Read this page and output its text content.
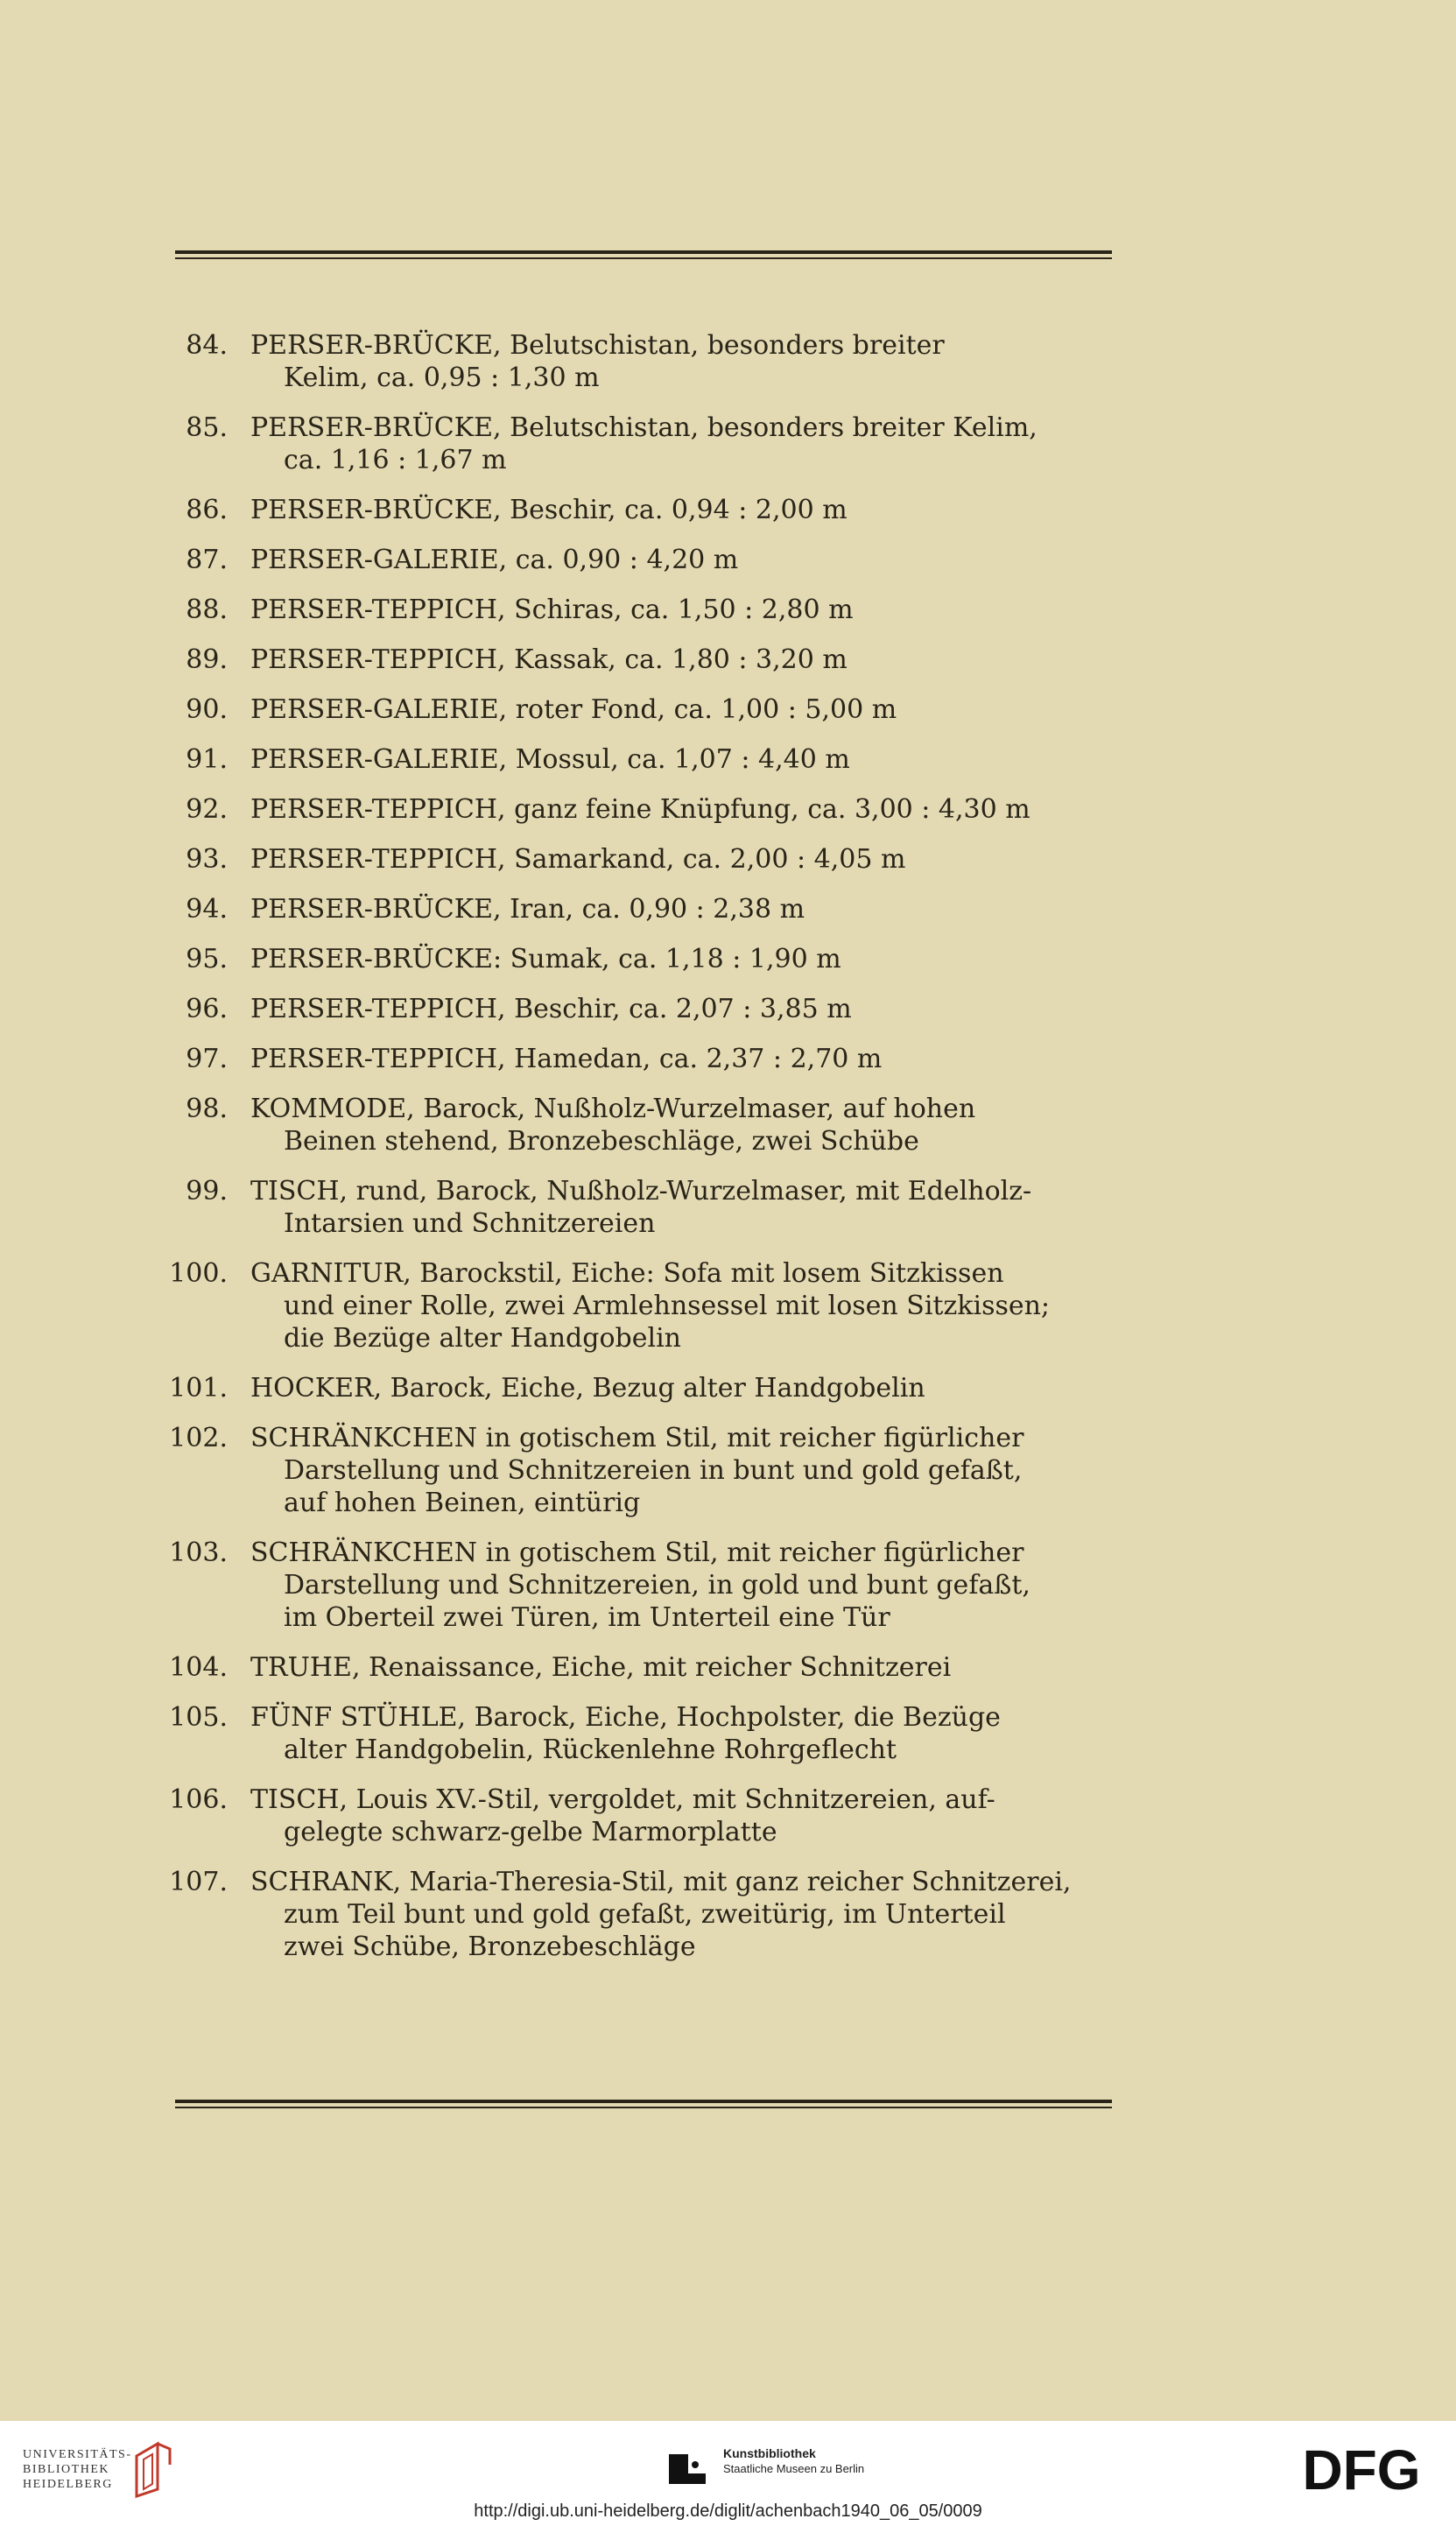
84. PERSER-BRÜCKE, Belutschistan, besonders breiter
Kelim, ca. 0,95 : 1,30 m
85. PERSER-BRÜCKE, Belutschistan, besonders breiter Kelim,
ca. 1,16 : 1,67 m
86. PERSER-BRÜCKE, Beschir, ca. 0,94 : 2,00 m
87. PERSER-GALERIE, ca. 0,90 : 4,20 m
88. PERSER-TEPPICH, Schiras, ca. 1,50 : 2,80 m
89. PERSER-TEPPICH, Kassak, ca. 1,80 : 3,20 m
90. PERSER-GALERIE, roter Fond, ca. 1,00 : 5,00 m
91. PERSER-GALERIE, Mossul, ca. 1,07 : 4,40 m
92. PERSER-TEPPICH, ganz feine Knüpfung, ca. 3,00 : 4,30 m
93. PERSER-TEPPICH, Samarkand, ca. 2,00 : 4,05 m
94. PERSER-BRÜCKE, Iran, ca. 0,90 : 2,38 m
95. PERSER-BRÜCKE: Sumak, ca. 1,18 : 1,90 m
96. PERSER-TEPPICH, Beschir, ca. 2,07 : 3,85 m
97. PERSER-TEPPICH, Hamedan, ca. 2,37 : 2,70 m
98. KOMMODE, Barock, Nußholz-Wurzelmaser, auf hohen
Beinen stehend, Bronzebeschläge, zwei Schübe
99. TISCH, rund, Barock, Nußholz-Wurzelmaser, mit Edelholz-
Intarsien und Schnitzereien
100. GARNITUR, Barockstil, Eiche: Sofa mit losem Sitzkissen
und einer Rolle, zwei Armlehnsessel mit losen Sitzkissen;
die Bezüge alter Handgobelin
101. HOCKER, Barock, Eiche, Bezug alter Handgobelin
102. SCHRÄNKCHEN in gotischem Stil, mit reicher figürlicher
Darstellung und Schnitzereien in bunt und gold gefaßt,
auf hohen Beinen, eintürig
103. SCHRÄNKCHEN in gotischem Stil, mit reicher figürlicher
Darstellung und Schnitzereien, in gold und bunt gefaßt,
im Oberteil zwei Türen, im Unterteil eine Tür
104. TRUHE, Renaissance, Eiche, mit reicher Schnitzerei
105. FÜNF STÜHLE, Barock, Eiche, Hochpolster, die Bezüge
alter Handgobelin, Rückenlehne Rohrgeflecht
106. TISCH, Louis XV.-Stil, vergoldet, mit Schnitzereien, auf-
gelegte schwarz-gelbe Marmorplatte
107. SCHRANK, Maria-Theresia-Stil, mit ganz reicher Schnitzerei,
zum Teil bunt und gold gefaßt, zweitürig, im Unterteil
zwei Schübe, Bronzebeschläge
UNIVERSITÄTS-
BIBLIOTHEK
HEIDELBERG
Kunstbibliothek
Staatliche Museen zu Berlin	DFG
http://digi.ub.uni-heidelberg.de/diglit/achenbach1940_06_05/0009
